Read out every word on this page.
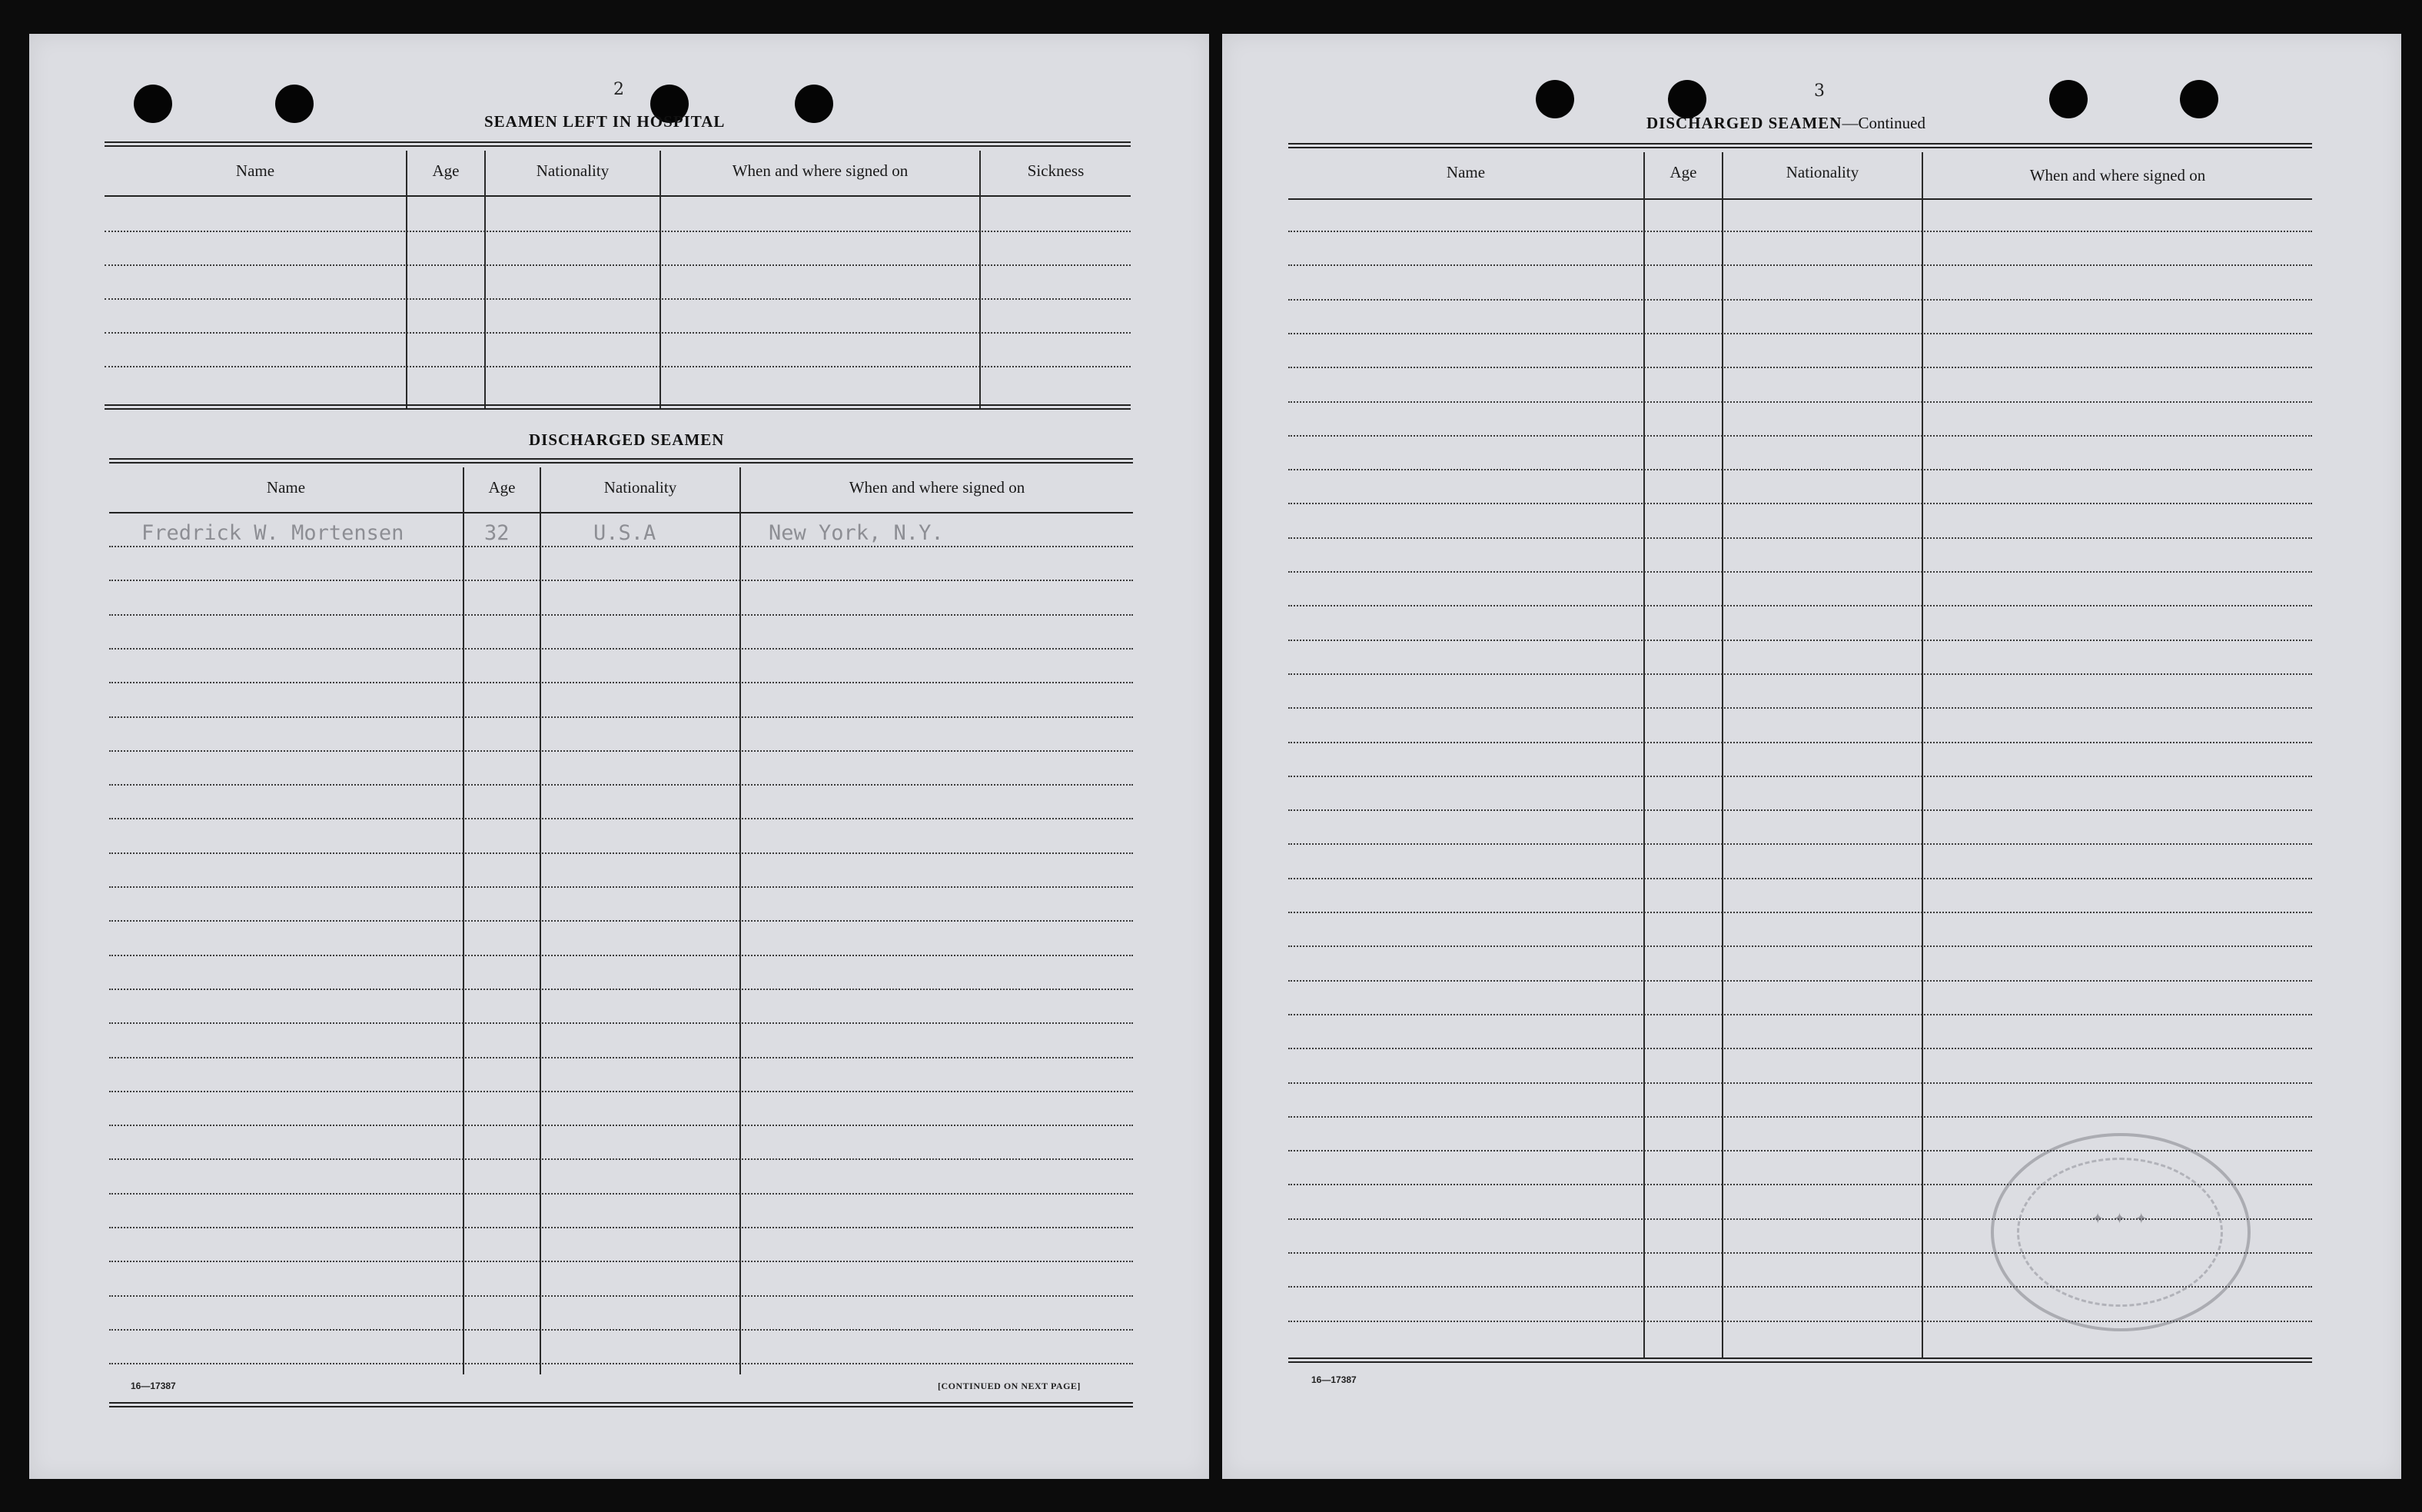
2
SEAMEN LEFT IN HOSPITAL
Name	Age	Nationality	When and where signed on	Sickness
DISCHARGED SEAMEN
Name	Age	Nationality	When and where signed on
Fredrick W. Mortensen	32	U.S.A	New York, N.Y.
16—17387	[CONTINUED ON NEXT PAGE]
3
DISCHARGED SEAMEN—Continued
Name	Age	Nationality	When and where signed on
16—17387
✦ ✦ ✦
